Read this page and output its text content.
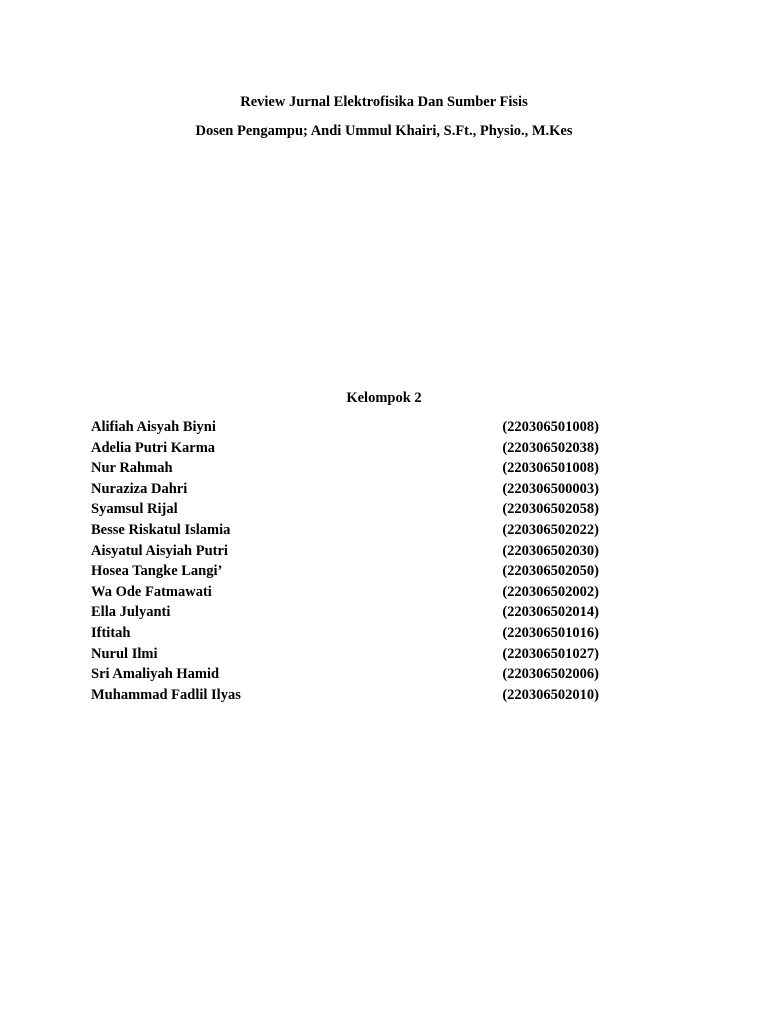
Review Jurnal Elektrofisika Dan Sumber Fisis
Dosen Pengampu; Andi Ummul Khairi, S.Ft., Physio., M.Kes
Kelompok 2
Alifiah Aisyah Biyni	(220306501008)
Adelia Putri Karma	(220306502038)
Nur Rahmah	(220306501008)
Nuraziza Dahri	(220306500003)
Syamsul Rijal	(220306502058)
Besse Riskatul Islamia	(220306502022)
Aisyatul Aisyiah Putri	(220306502030)
Hosea Tangke Langi’	(220306502050)
Wa Ode Fatmawati	(220306502002)
Ella Julyanti	(220306502014)
Iftitah	(220306501016)
Nurul Ilmi	(220306501027)
Sri Amaliyah Hamid	(220306502006)
Muhammad Fadlil Ilyas	(220306502010)
